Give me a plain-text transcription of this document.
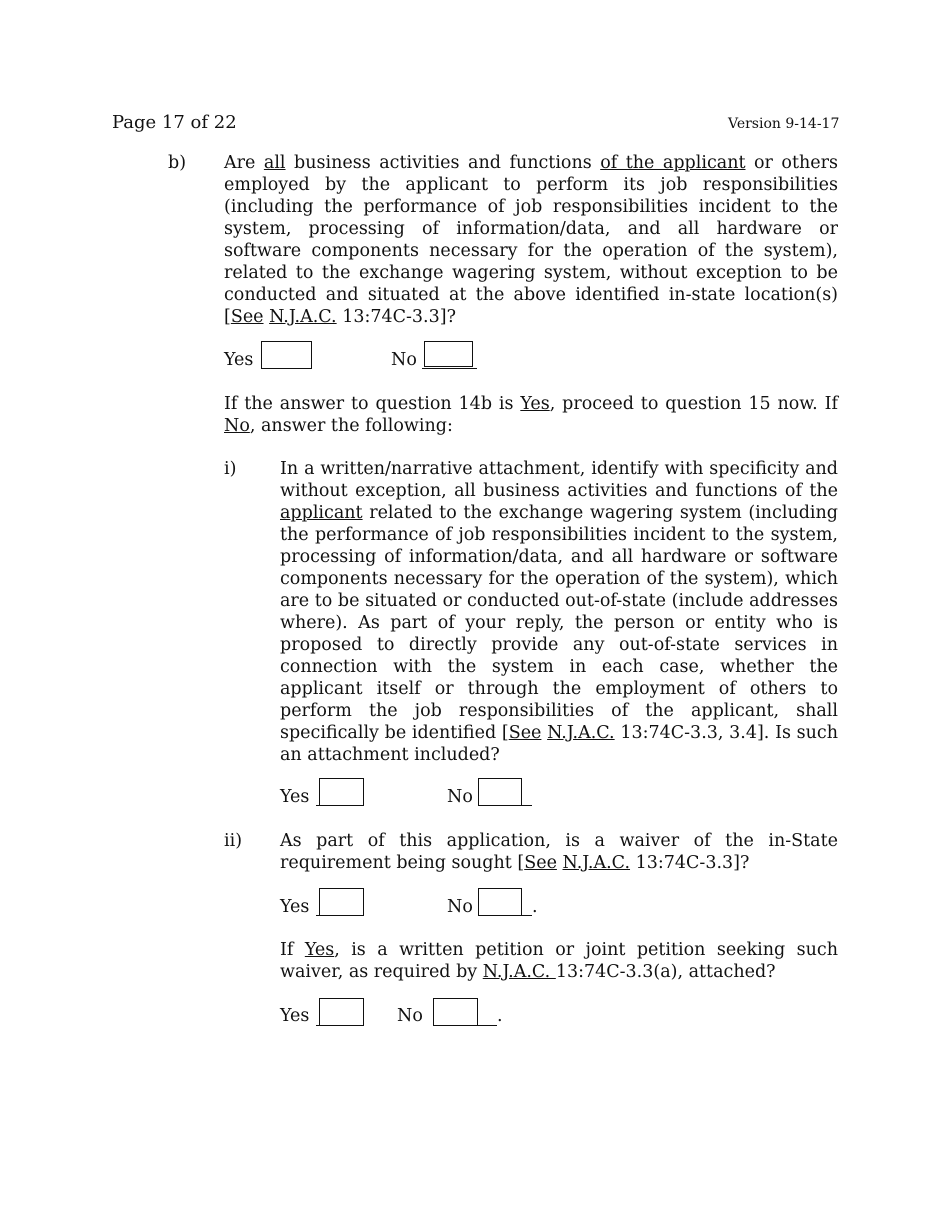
Page 17 of 22	Version 9-14-17
b) Are all business activities and functions of the applicant or others employed by the applicant to perform its job responsibilities (including the performance of job responsibilities incident to the system, processing of information/data, and all hardware or software components necessary for the operation of the system), related to the exchange wagering system, without exception to be conducted and situated at the above identified in-state location(s) [See N.J.A.C. 13:74C-3.3]?
Yes	No
If the answer to question 14b is Yes, proceed to question 15 now. If No, answer the following:
i) In a written/narrative attachment, identify with specificity and without exception, all business activities and functions of the applicant related to the exchange wagering system (including the performance of job responsibilities incident to the system, processing of information/data, and all hardware or software components necessary for the operation of the system), which are to be situated or conducted out-of-state (include addresses where). As part of your reply, the person or entity who is proposed to directly provide any out-of-state services in connection with the system in each case, whether the applicant itself or through the employment of others to perform the job responsibilities of the applicant, shall specifically be identified [See N.J.A.C. 13:74C-3.3, 3.4]. Is such an attachment included?
Yes	No
ii) As part of this application, is a waiver of the in-State requirement being sought [See N.J.A.C. 13:74C-3.3]?
Yes	No	.
If Yes, is a written petition or joint petition seeking such waiver, as required by N.J.A.C. 13:74C-3.3(a), attached?
Yes	No	.
